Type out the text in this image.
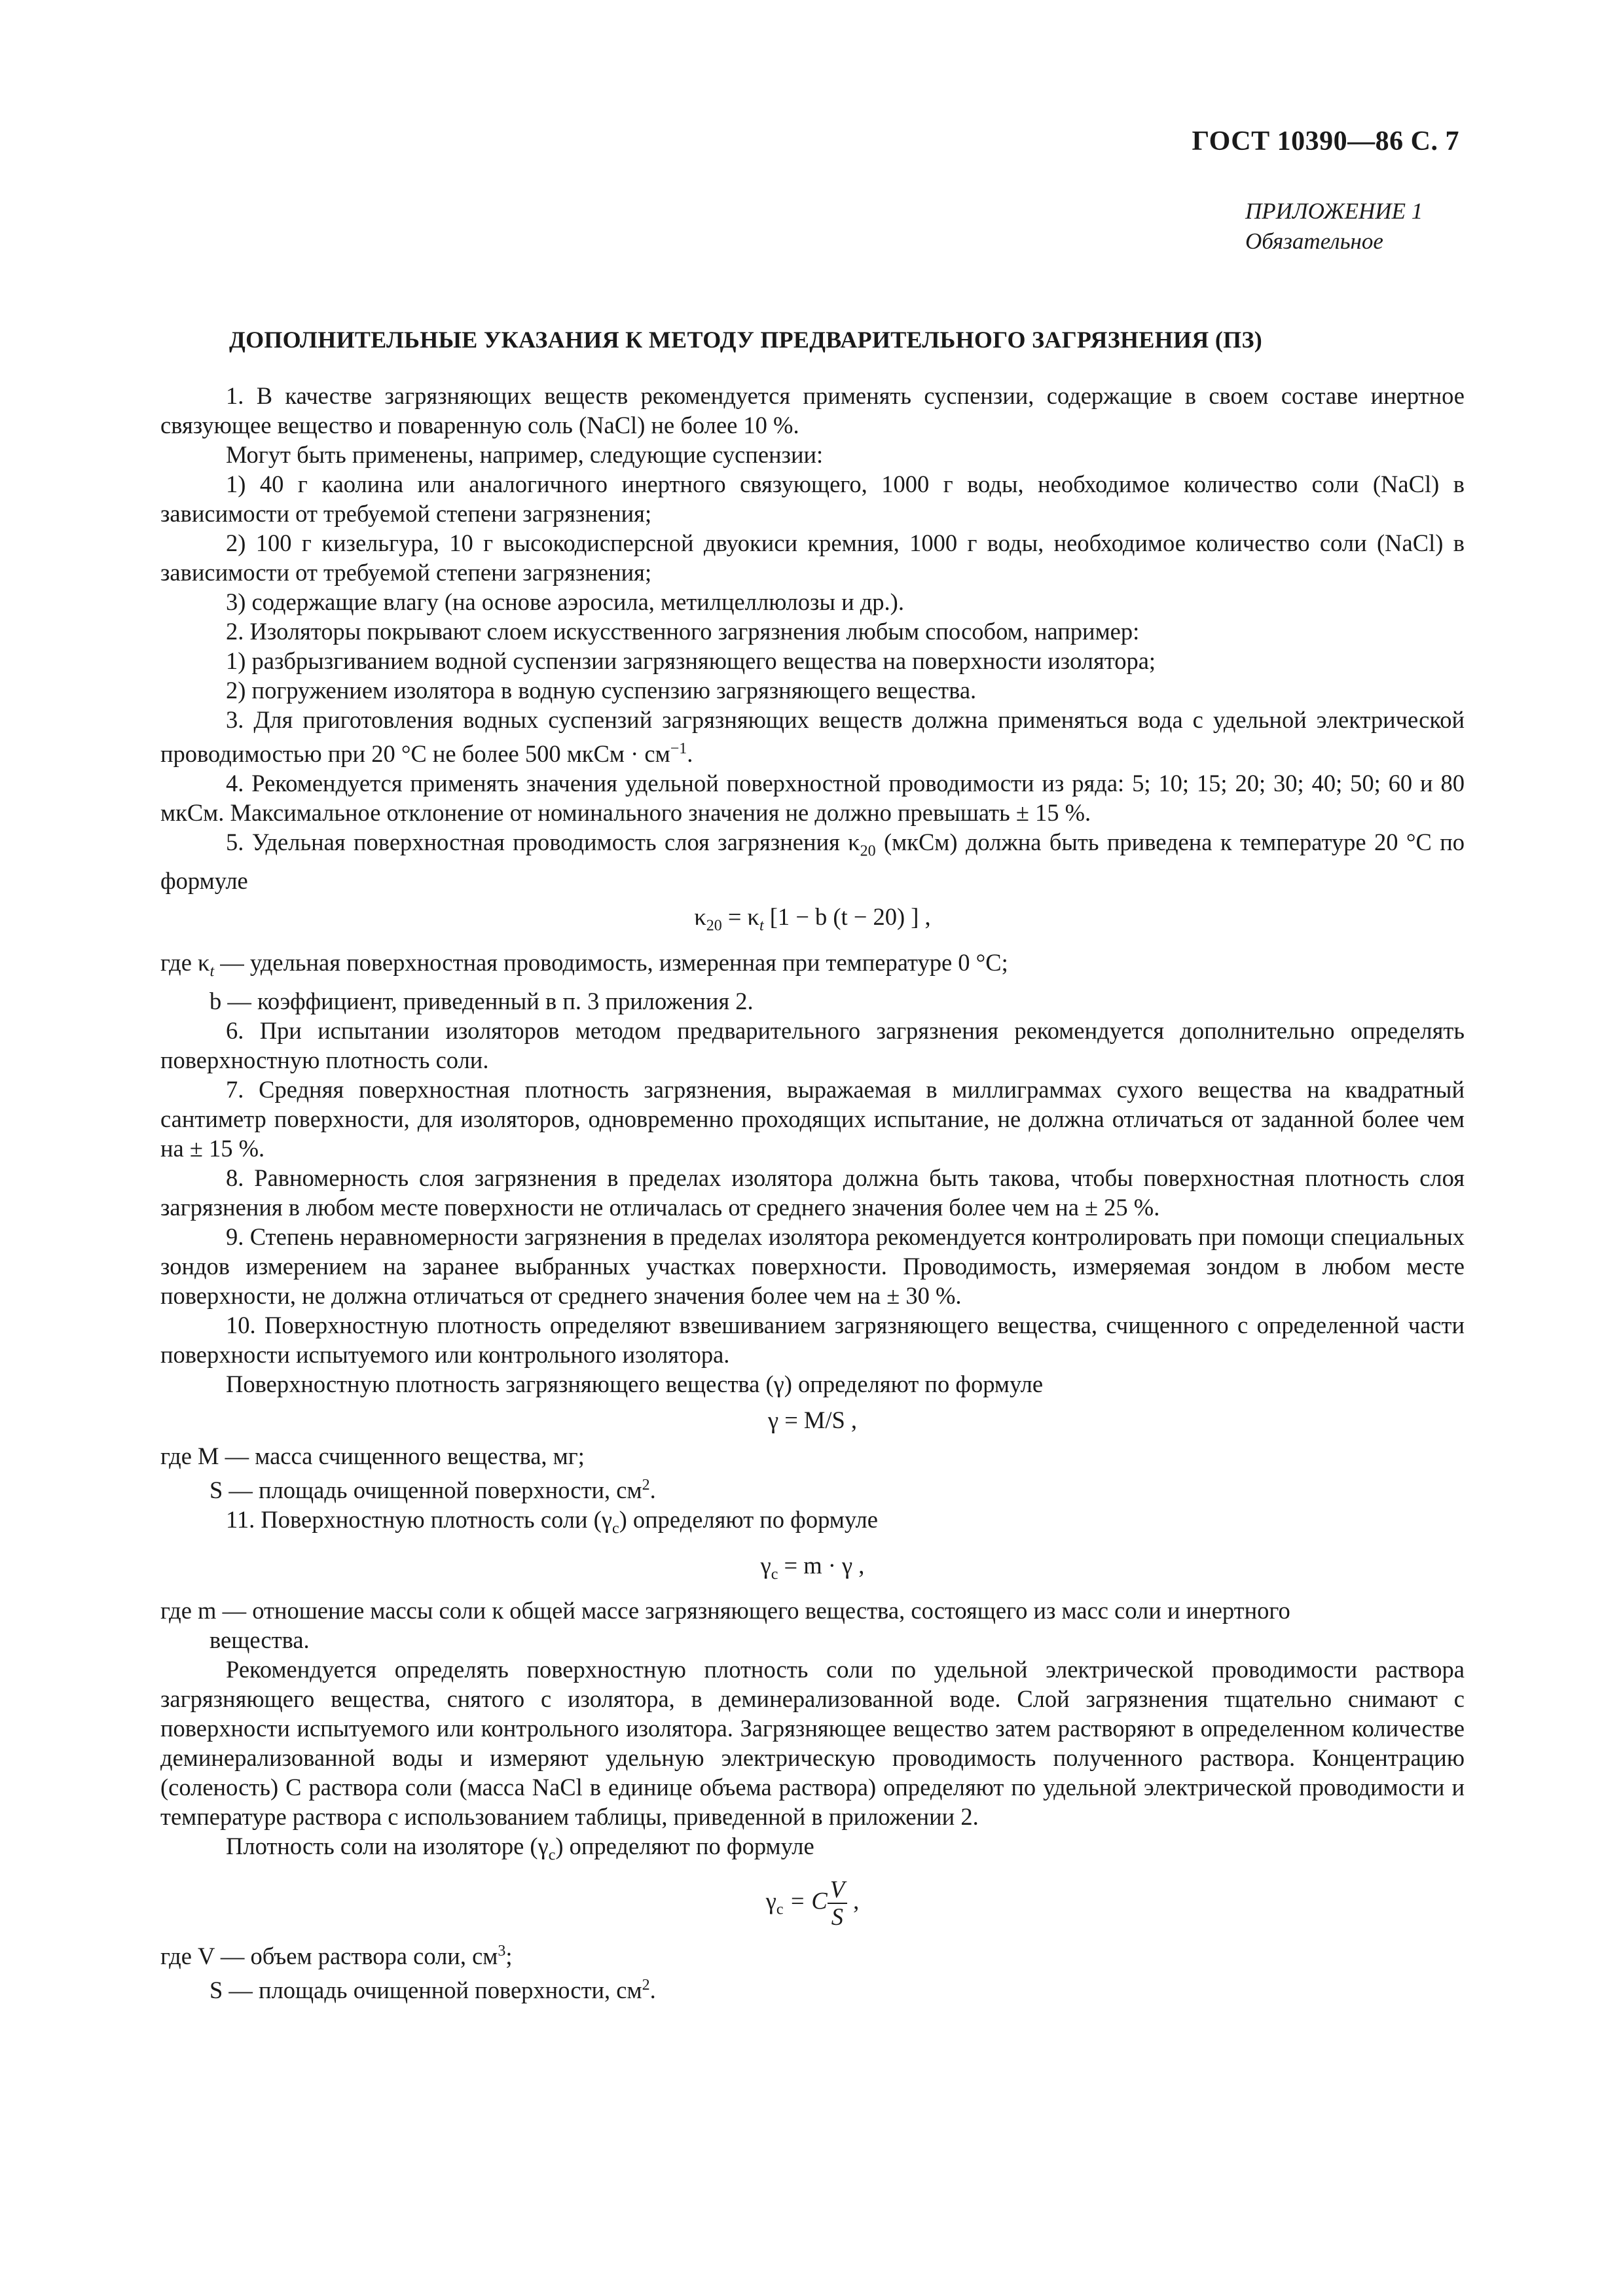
ГОСТ 10390—86 С. 7
ПРИЛОЖЕНИЕ 1
Обязательное
ДОПОЛНИТЕЛЬНЫЕ УКАЗАНИЯ К МЕТОДУ ПРЕДВАРИТЕЛЬНОГО ЗАГРЯЗНЕНИЯ (ПЗ)

1. В качестве загрязняющих веществ рекомендуется применять суспензии, содержащие в своем составе инертное связующее вещество и поваренную соль (NaCl) не более 10 %.

Могут быть применены, например, следующие суспензии:

1) 40 г каолина или аналогичного инертного связующего, 1000 г воды, необходимое количество соли (NaCl) в зависимости от требуемой степени загрязнения;

2) 100 г кизельгура, 10 г высокодисперсной двуокиси кремния, 1000 г воды, необходимое количество соли (NaCl) в зависимости от требуемой степени загрязнения;

3) содержащие влагу (на основе аэросила, метилцеллюлозы и др.).

2. Изоляторы покрывают слоем искусственного загрязнения любым способом, например:

1) разбрызгиванием водной суспензии загрязняющего вещества на поверхности изолятора;

2) погружением изолятора в водную суспензию загрязняющего вещества.

3. Для приготовления водных суспензий загрязняющих веществ должна применяться вода с удельной электрической проводимостью при 20 °С не более 500 мкСм · $см^{-1}$.

4. Рекомендуется применять значения удельной поверхностной проводимости из ряда: 5; 10; 15; 20; 30; 40; 50; 60 и 80 мкСм. Максимальное отклонение от номинального значения не должно превышать ± 15 %.

5. Удельная поверхностная проводимость слоя загрязнения $\kappa_{20}$ (мкСм) должна быть приведена к температуре 20 °С по формуле

$\kappa_{20} = \kappa_t$ [1 − b (t − 20) ] ,

где $\kappa_t$ — удельная поверхностная проводимость, измеренная при температуре 0 °С;

b — коэффициент, приведенный в п. 3 приложения 2.

6. При испытании изоляторов методом предварительного загрязнения рекомендуется дополнительно определять поверхностную плотность соли.

7. Средняя поверхностная плотность загрязнения, выражаемая в миллиграммах сухого вещества на квадратный сантиметр поверхности, для изоляторов, одновременно проходящих испытание, не должна отличаться от заданной более чем на ± 15 %.

8. Равномерность слоя загрязнения в пределах изолятора должна быть такова, чтобы поверхностная плотность слоя загрязнения в любом месте поверхности не отличалась от среднего значения более чем на ± 25 %.

9. Степень неравномерности загрязнения в пределах изолятора рекомендуется контролировать при помощи специальных зондов измерением на заранее выбранных участках поверхности. Проводимость, измеряемая зондом в любом месте поверхности, не должна отличаться от среднего значения более чем на ± 30 %.

10. Поверхностную плотность определяют взвешиванием загрязняющего вещества, счищенного с определенной части поверхности испытуемого или контрольного изолятора.

Поверхностную плотность загрязняющего вещества (γ) определяют по формуле

γ = M/S ,

где M — масса счищенного вещества, мг;

S — площадь очищенной поверхности, $см^2$.

11. Поверхностную плотность соли $(\gamma_c)$ определяют по формуле

$\gamma_c = m \cdot \gamma$ ,

где m — отношение массы соли к общей массе загрязняющего вещества, состоящего из масс соли и инертного

вещества.

Рекомендуется определять поверхностную плотность соли по удельной электрической проводимости раствора загрязняющего вещества, снятого с изолятора, в деминерализованной воде. Слой загрязнения тщательно снимают с поверхности испытуемого или контрольного изолятора. Загрязняющее вещество затем растворяют в определенном количестве деминерализованной воды и измеряют удельную электрическую проводимость полученного раствора. Концентрацию (соленость) C раствора соли (масса NaCl в единице объема раствора) определяют по удельной электрической проводимости и температуре раствора с использованием таблицы, приведенной в приложении 2.

Плотность соли на изоляторе $(\gamma_c)$ определяют по формуле

$\gamma_c = C \frac{V}{S}$ ,

где V — объем раствора соли, $см^3$;

S — площадь очищенной поверхности, $см^2$.
